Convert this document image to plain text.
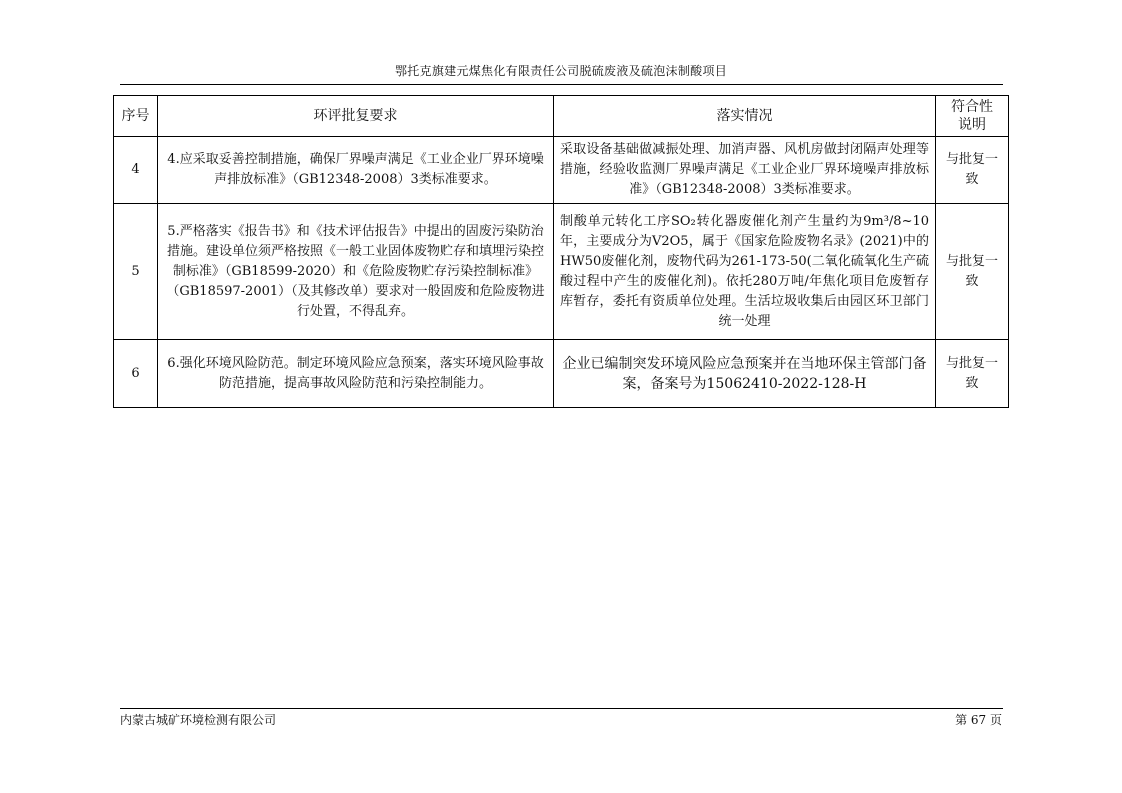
鄂托克旗建元煤焦化有限责任公司脱硫废液及硫泡沫制酸项目
序号	环评批复要求	落实情况	符合性
说明

4	4.应采取妥善控制措施，确保厂界噪声满足《工业企业厂界环境噪声排放标准》（GB12348-2008）3类标准要求。	采取设备基础做减振处理、加消声器、风机房做封闭隔声处理等措施，经验收监测厂界噪声满足《工业企业厂界环境噪声排放标准》（GB12348-2008）3类标准要求。	与批复一致
5	5.严格落实《报告书》和《技术评估报告》中提出的固废污染防治措施。建设单位须严格按照《一般工业固体废物贮存和填埋污染控制标准》（GB18599-2020）和《危险废物贮存污染控制标准》（GB18597-2001）（及其修改单）要求对一般固废和危险废物进行处置，不得乱弃。	制酸单元转化工序SO₂转化器废催化剂产生量约为9m³/8~10年，主要成分为V2O5，属于《国家危险废物名录》(2021)中的HW50废催化剂，废物代码为261-173-50(二氧化硫氧化生产硫酸过程中产生的废催化剂)。依托280万吨/年焦化项目危废暂存库暂存，委托有资质单位处理。生活垃圾收集后由园区环卫部门统一处理	与批复一致
6	6.强化环境风险防范。制定环境风险应急预案，落实环境风险事故防范措施，提高事故风险防范和污染控制能力。	企业已编制突发环境风险应急预案并在当地环保主管部门备案，备案号为15062410-2022-128-H	与批复一致
内蒙古城矿环境检测有限公司	第 67 页
